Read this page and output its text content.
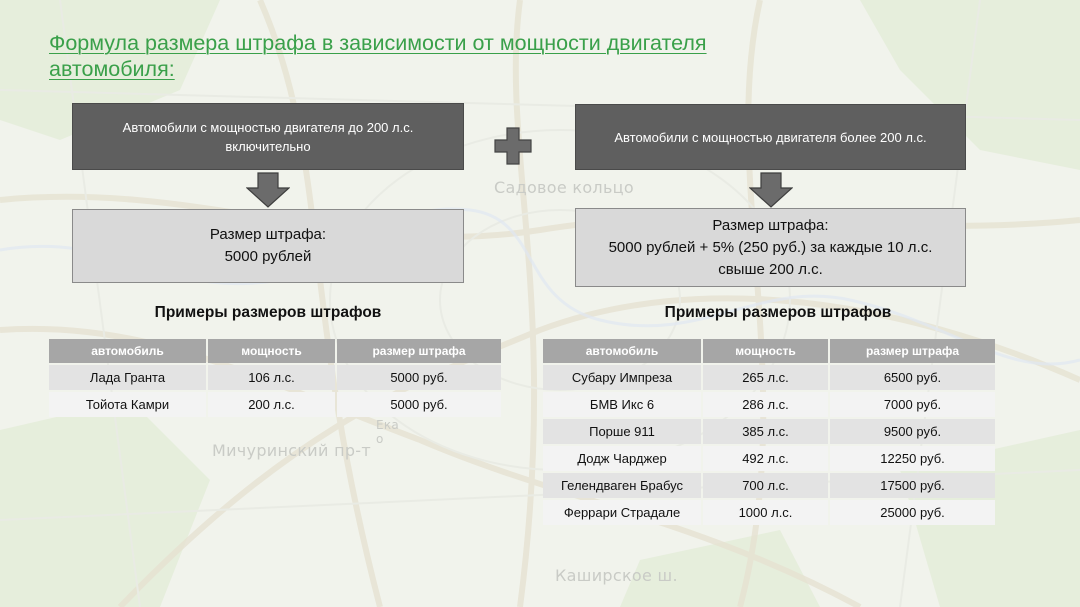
Садовое кольцо
Мичуринский пр-т
Каширское ш.
Ека о
Формула размера штрафа в зависимости от мощности двигателя автомобиля:
Автомобили с мощностью двигателя до 200 л.с. включительно
Автомобили с мощностью двигателя более 200 л.с.
Размер штрафа:
5000 рублей
Размер штрафа:
5000 рублей + 5% (250 руб.) за каждые 10 л.с.
свыше 200 л.с.
Примеры размеров штрафов	Примеры размеров штрафов
автомобиль	мощность	размер штрафа
Лада Гранта	106 л.с.	5000 руб.
Тойота Камри	200 л.с.	5000 руб.
автомобиль	мощность	размер штрафа
Субару Импреза	265 л.с.	6500 руб.
БМВ Икс 6	286 л.с.	7000 руб.
Порше 911	385 л.с.	9500 руб.
Додж Чарджер	492 л.с.	12250 руб.
Гелендваген Брабус	700 л.с.	17500 руб.
Феррари Страдале	1000 л.с.	25000 руб.
